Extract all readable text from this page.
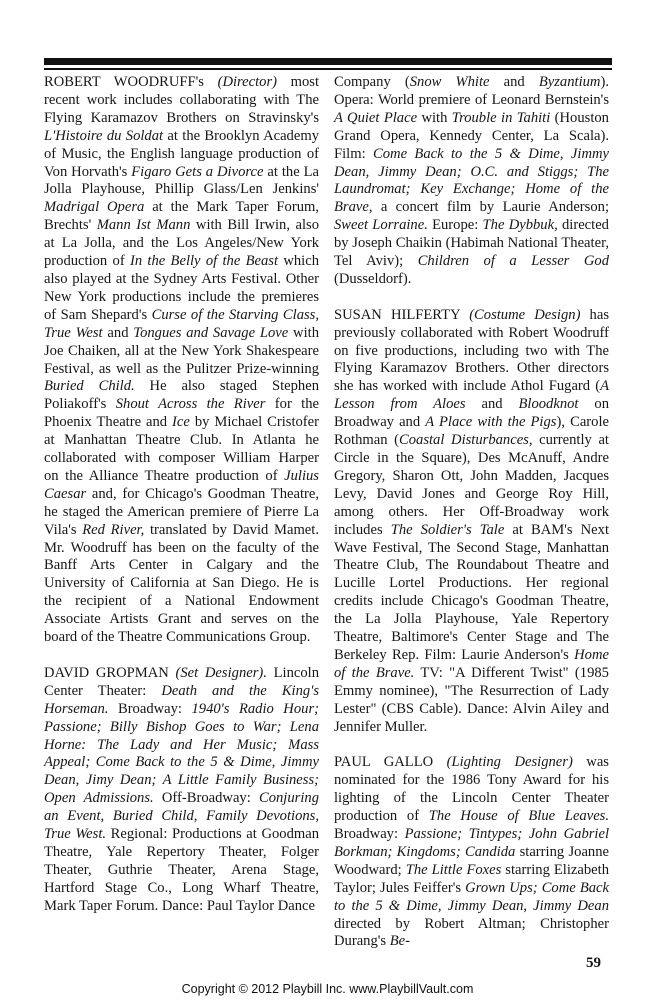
ROBERT WOODRUFF's (Director) most recent work includes collaborating with The Flying Karamazov Brothers on Stravinsky's L'Histoire du Soldat at the Brooklyn Academy of Music, the English language production of Von Horvath's Figaro Gets a Divorce at the La Jolla Playhouse, Phillip Glass/Len Jenkins' Madrigal Opera at the Mark Taper Forum, Brechts' Mann Ist Mann with Bill Irwin, also at La Jolla, and the Los Angeles/New York production of In the Belly of the Beast which also played at the Sydney Arts Festival. Other New York productions include the premieres of Sam Shepard's Curse of the Starving Class, True West and Tongues and Savage Love with Joe Chaiken, all at the New York Shakespeare Festival, as well as the Pulitzer Prize-winning Buried Child. He also staged Stephen Poliakoff's Shout Across the River for the Phoenix Theatre and Ice by Michael Cristofer at Manhattan Theatre Club. In Atlanta he collaborated with composer William Harper on the Alliance Theatre production of Julius Caesar and, for Chicago's Goodman Theatre, he staged the American premiere of Pierre La Vila's Red River, translated by David Mamet. Mr. Woodruff has been on the faculty of the Banff Arts Center in Calgary and the University of California at San Diego. He is the recipient of a National Endowment Associate Artists Grant and serves on the board of the Theatre Communications Group.

DAVID GROPMAN (Set Designer). Lincoln Center Theater: Death and the King's Horseman. Broadway: 1940's Radio Hour; Passione; Billy Bishop Goes to War; Lena Horne: The Lady and Her Music; Mass Appeal; Come Back to the 5 & Dime, Jimmy Dean, Jimy Dean; A Little Family Business; Open Admissions. Off-Broadway: Conjuring an Event, Buried Child, Family Devotions, True West. Regional: Productions at Goodman Theatre, Yale Repertory Theater, Folger Theater, Guthrie Theater, Arena Stage, Hartford Stage Co., Long Wharf Theatre, Mark Taper Forum. Dance: Paul Taylor Dance

Company (Snow White and Byzantium). Opera: World premiere of Leonard Bernstein's A Quiet Place with Trouble in Tahiti (Houston Grand Opera, Kennedy Center, La Scala). Film: Come Back to the 5 & Dime, Jimmy Dean, Jimmy Dean; O.C. and Stiggs; The Laundromat; Key Exchange; Home of the Brave, a concert film by Laurie Anderson; Sweet Lorraine. Europe: The Dybbuk, directed by Joseph Chaikin (Habimah National Theater, Tel Aviv); Children of a Lesser God (Dusseldorf).

SUSAN HILFERTY (Costume Design) has previously collaborated with Robert Woodruff on five productions, including two with The Flying Karamazov Brothers. Other directors she has worked with include Athol Fugard (A Lesson from Aloes and Bloodknot on Broadway and A Place with the Pigs), Carole Rothman (Coastal Disturbances, currently at Circle in the Square), Des McAnuff, Andre Gregory, Sharon Ott, John Madden, Jacques Levy, David Jones and George Roy Hill, among others. Her Off-Broadway work includes The Soldier's Tale at BAM's Next Wave Festival, The Second Stage, Manhattan Theatre Club, The Roundabout Theatre and Lucille Lortel Productions. Her regional credits include Chicago's Goodman Theatre, the La Jolla Playhouse, Yale Repertory Theatre, Baltimore's Center Stage and The Berkeley Rep. Film: Laurie Anderson's Home of the Brave. TV: "A Different Twist" (1985 Emmy nominee), "The Resurrection of Lady Lester" (CBS Cable). Dance: Alvin Ailey and Jennifer Muller.

PAUL GALLO (Lighting Designer) was nominated for the 1986 Tony Award for his lighting of the Lincoln Center Theater production of The House of Blue Leaves. Broadway: Passione; Tintypes; John Gabriel Borkman; Kingdoms; Candida starring Joanne Woodward; The Little Foxes starring Elizabeth Taylor; Jules Feiffer's Grown Ups; Come Back to the 5 & Dime, Jimmy Dean, Jimmy Dean directed by Robert Altman; Christopher Durang's Be-

59
Copyright © 2012 Playbill Inc. www.PlaybillVault.com
